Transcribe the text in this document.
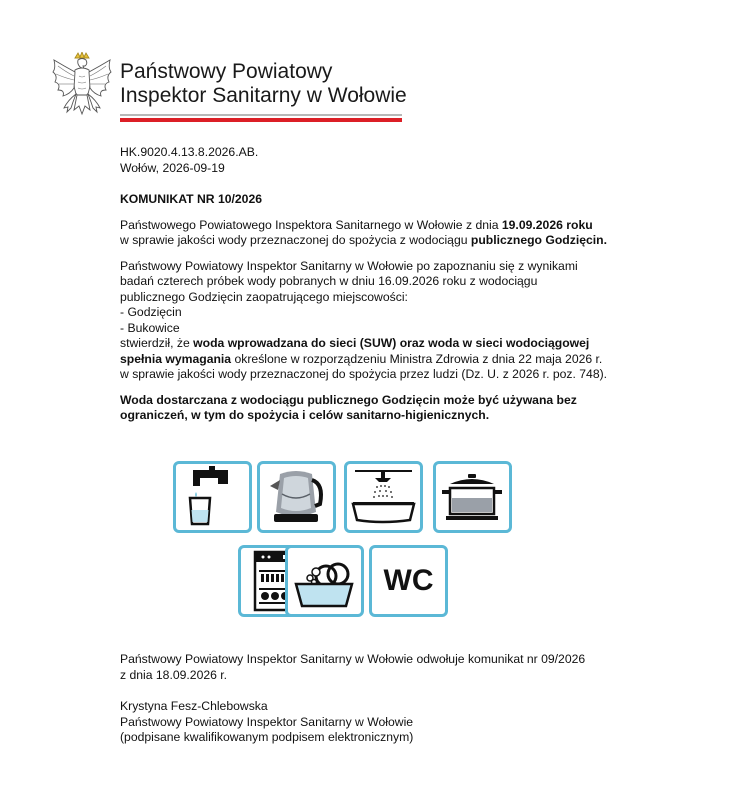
Państwowy Powiatowy
Inspektor Sanitarny w Wołowie

HK.9020.4.13.8.2026.AB.

Wołów, 2026-09-19

KOMUNIKAT NR 10/2026

Państwowego Powiatowego Inspektora Sanitarnego w Wołowie z dnia 19.09.2026 roku

w sprawie jakości wody przeznaczonej do spożycia z wodociągu publicznego Godzięcin.

Państwowy Powiatowy Inspektor Sanitarny w Wołowie po zapoznaniu się z wynikami

badań czterech próbek wody pobranych w dniu 16.09.2026 roku z wodociągu

publicznego Godzięcin zaopatrującego miejscowości:

- Godzięcin

- Bukowice

stwierdził, że woda wprowadzana do sieci (SUW) oraz woda w sieci wodociągowej

spełnia wymagania określone w rozporządzeniu Ministra Zdrowia z dnia 22 maja 2026 r.

w sprawie jakości wody przeznaczonej do spożycia przez ludzi (Dz. U. z 2026 r. poz. 748).

Woda dostarczana z wodociągu publicznego Godzięcin może być używana bez

ograniczeń, w tym do spożycia i celów sanitarno-higienicznych.

WC

Państwowy Powiatowy Inspektor Sanitarny w Wołowie odwołuje komunikat nr 09/2026

z dnia 18.09.2026 r.

Krystyna Fesz-Chlebowska

Państwowy Powiatowy Inspektor Sanitarny w Wołowie

(podpisane kwalifikowanym podpisem elektronicznym)
